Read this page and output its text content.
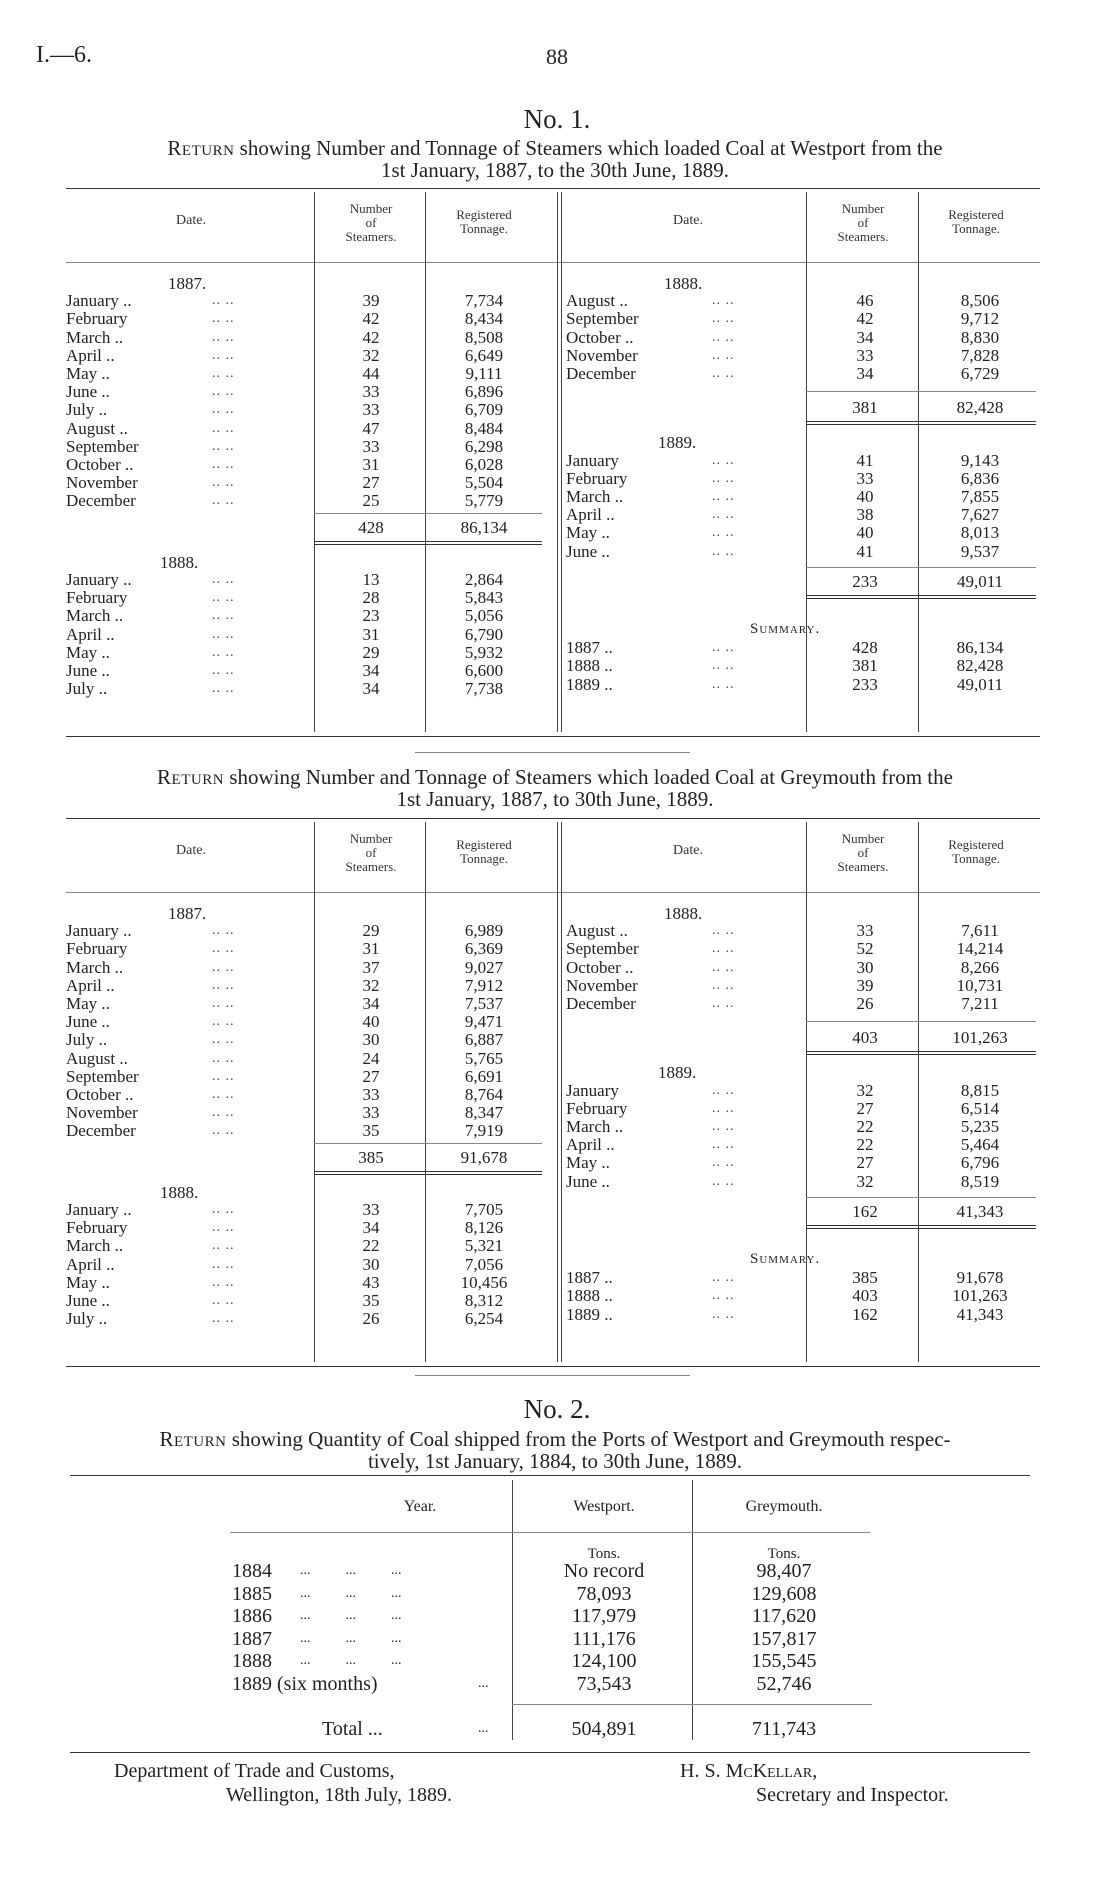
I.—6.	88
No. 1.
Return showing Number and Tonnage of Steamers which loaded Coal at Westport from the
1st January, 1887, to the 30th June, 1889.
Date.	Date.
Number
of
Steamers.
Registered
Tonnage.
Number
of
Steamers.
Registered
Tonnage.
1887.
January ..	.. ..	39	7,734
February	.. ..	42	8,434
March ..	.. ..	42	8,508
April ..	.. ..	32	6,649
May ..	.. ..	44	9,111
June ..	.. ..	33	6,896
July ..	.. ..	33	6,709
August ..	.. ..	47	8,484
September	.. ..	33	6,298
October ..	.. ..	31	6,028
November	.. ..	27	5,504
December	.. ..	25	5,779
428	86,134
1888.
January ..	.. ..	13	2,864
February	.. ..	28	5,843
March ..	.. ..	23	5,056
April ..	.. ..	31	6,790
May ..	.. ..	29	5,932
June ..	.. ..	34	6,600
July ..	.. ..	34	7,738
1888.
August ..	.. ..	46	8,506
September	.. ..	42	9,712
October ..	.. ..	34	8,830
November	.. ..	33	7,828
December	.. ..	34	6,729
381	82,428
1889.
January	.. ..	41	9,143
February	.. ..	33	6,836
March ..	.. ..	40	7,855
April ..	.. ..	38	7,627
May ..	.. ..	40	8,013
June ..	.. ..	41	9,537
233	49,011
Summary.
1887 ..	.. ..	428	86,134
1888 ..	.. ..	381	82,428
1889 ..	.. ..	233	49,011
Return showing Number and Tonnage of Steamers which loaded Coal at Greymouth from the
1st January, 1887, to 30th June, 1889.
Date.	Date.
Number
of
Steamers.
Registered
Tonnage.
Number
of
Steamers.
Registered
Tonnage.
1887.
January ..	.. ..	29	6,989
February	.. ..	31	6,369
March ..	.. ..	37	9,027
April ..	.. ..	32	7,912
May ..	.. ..	34	7,537
June ..	.. ..	40	9,471
July ..	.. ..	30	6,887
August ..	.. ..	24	5,765
September	.. ..	27	6,691
October ..	.. ..	33	8,764
November	.. ..	33	8,347
December	.. ..	35	7,919
385	91,678
1888.
January ..	.. ..	33	7,705
February	.. ..	34	8,126
March ..	.. ..	22	5,321
April ..	.. ..	30	7,056
May ..	.. ..	43	10,456
June ..	.. ..	35	8,312
July ..	.. ..	26	6,254
1888.
August ..	.. ..	33	7,611
September	.. ..	52	14,214
October ..	.. ..	30	8,266
November	.. ..	39	10,731
December	.. ..	26	7,211
403	101,263
1889.
January	.. ..	32	8,815
February	.. ..	27	6,514
March ..	.. ..	22	5,235
April ..	.. ..	22	5,464
May ..	.. ..	27	6,796
June ..	.. ..	32	8,519
162	41,343
Summary.
1887 ..	.. ..	385	91,678
1888 ..	.. ..	403	101,263
1889 ..	.. ..	162	41,343
No. 2.
Return showing Quantity of Coal shipped from the Ports of Westport and Greymouth respec-
tively, 1st January, 1884, to 30th June, 1889.
Year.	Westport.	Greymouth.
Tons.	Tons.
1884 ...          ...          ...	No record	98,407
1885 ...          ...          ...	78,093	129,608
1886 ...          ...          ...	117,979	117,620
1887 ...          ...          ...	111,176	157,817
1888 ...          ...          ...	124,100	155,545
1889 (six months)	...	73,543	52,746
Total ...	...	504,891	711,743
Department of Trade and Customs,
Wellington, 18th July, 1889.
H. S. McKellar,
Secretary and Inspector.
